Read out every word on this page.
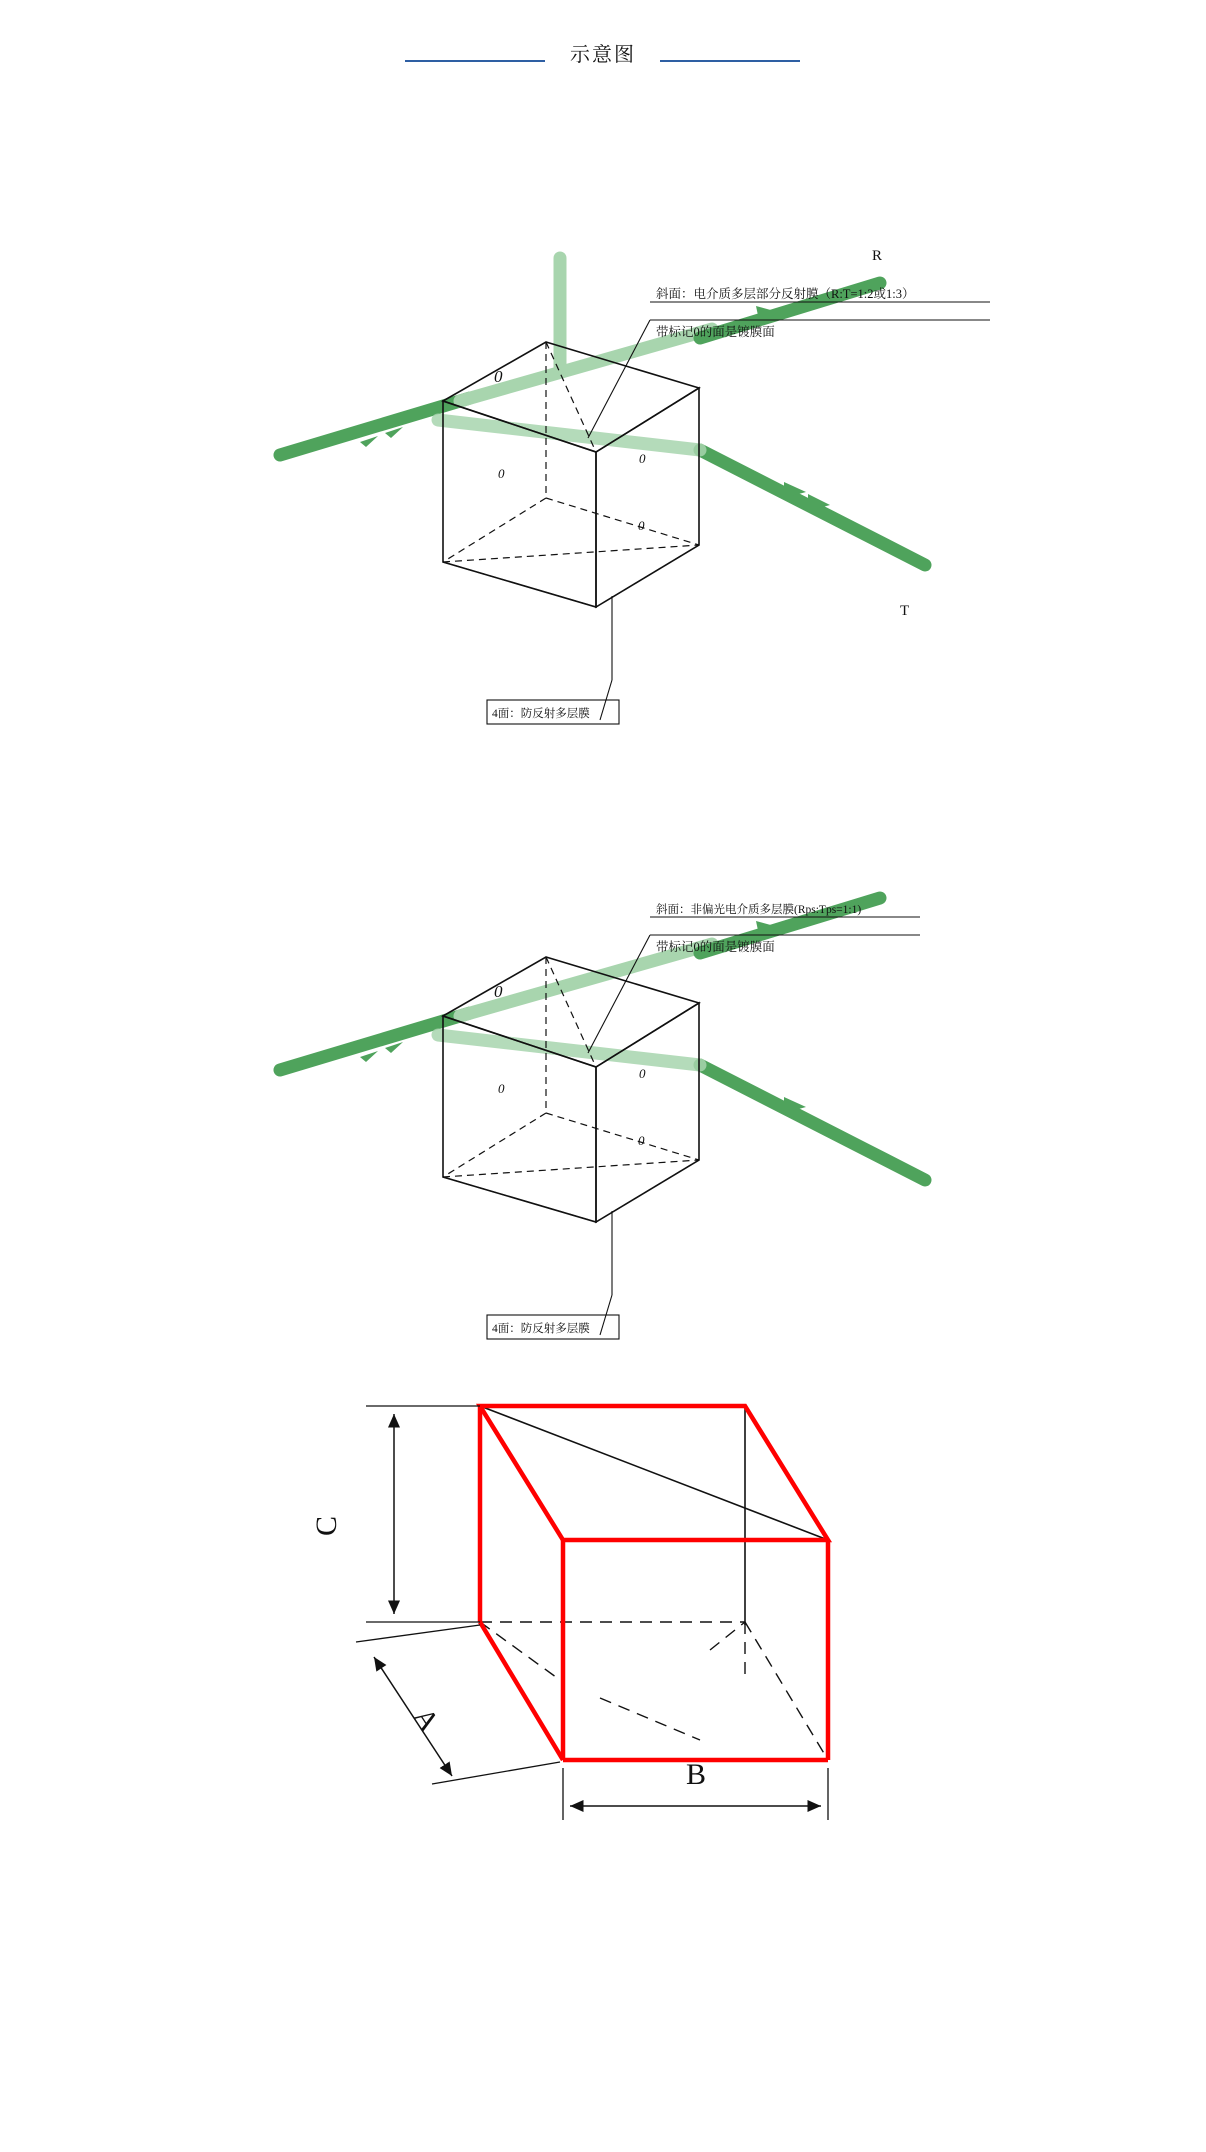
示意图
0
0
0
0
0
斜面：电介质多层部分反射膜（R:T=1:2或1:3）
带标记0的面是镀膜面
4面：防反射多层膜
R
T
0
0
0
0
斜面：非偏光电介质多层膜(Rps:Tps=1:1)
带标记0的面是镀膜面
4面：防反射多层膜
C
A
B
